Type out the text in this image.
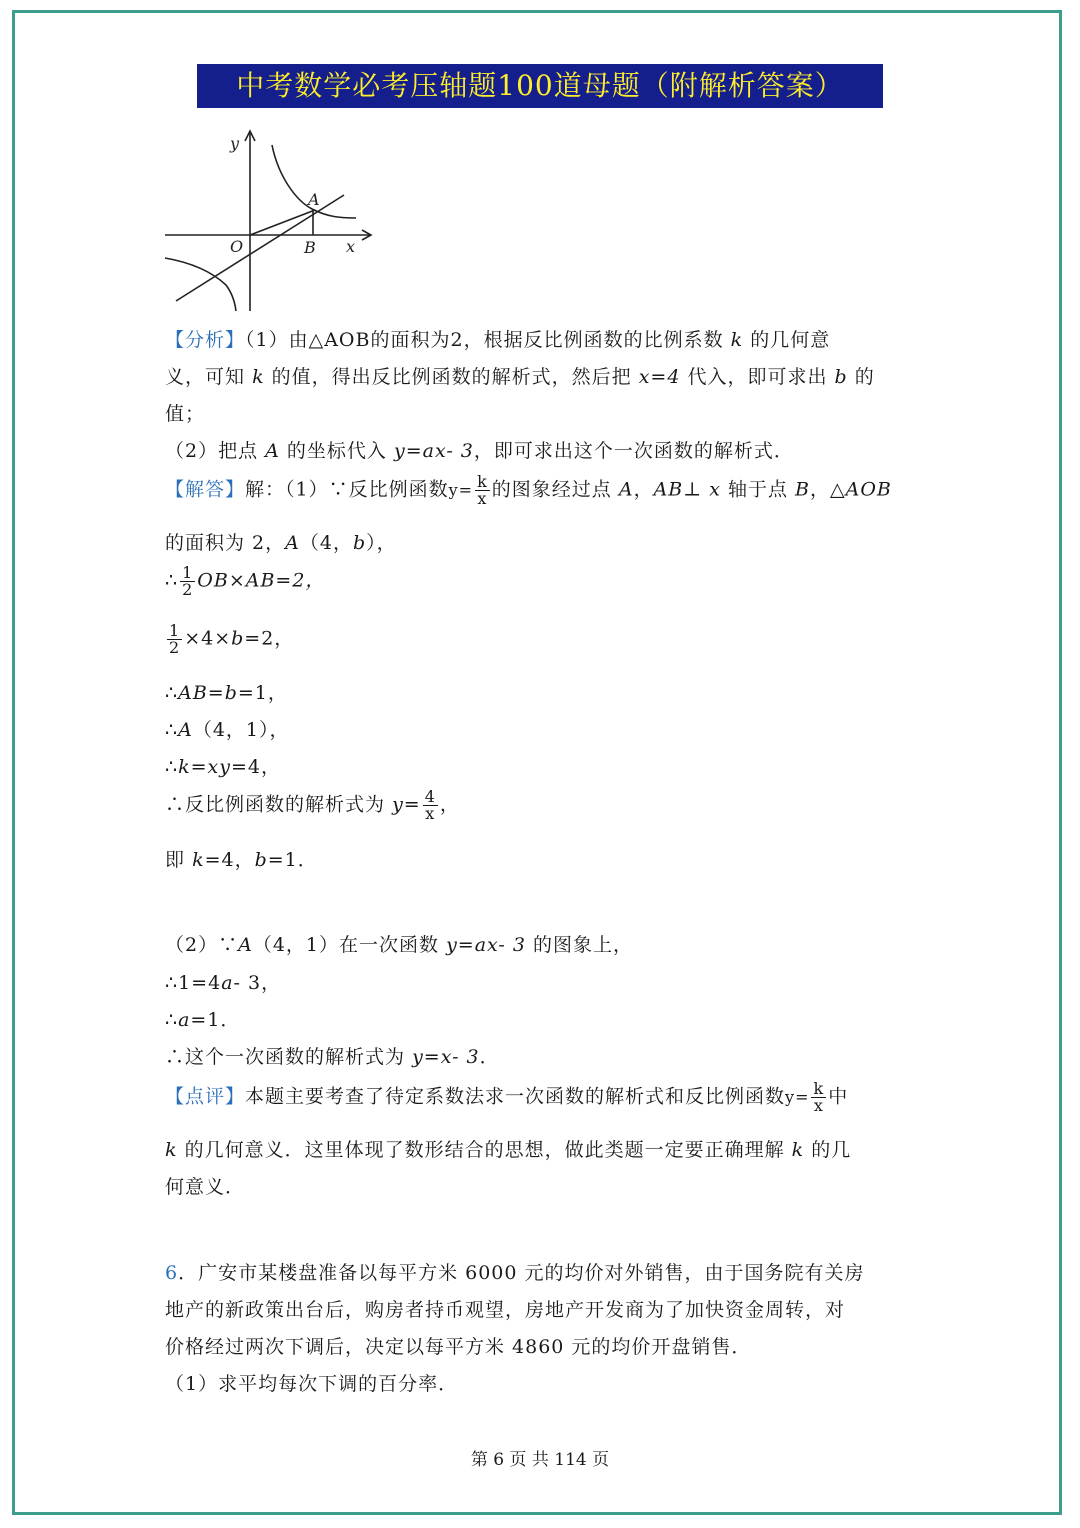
中考数学必考压轴题100道母题（附解析答案）
y
x
O
A
B
【分析】（1）由△AOB的面积为2，根据反比例函数的比例系数 k 的几何意
义，可知 k 的值，得出反比例函数的解析式，然后把 x=4 代入，即可求出 b 的
值；
（2）把点 A 的坐标代入 y=ax- 3，即可求出这个一次函数的解析式．
【解答】解：（1）∵反比例函数$y= \frac{k}{x}$ 的图象经过点 A，AB⊥ x 轴于点 B，△AOB
的面积为 2，A（4，b），
∴ $\frac{1}{2} OB\times AB=2$，
$\frac{1}{2} \times 4\times b=2$，
∴AB=b=1，
∴A（4，1），
∴k=xy=4，
∴反比例函数的解析式为 $y= \frac{4}{x}$ ，
即 k=4，b=1．
（2）∵A（4，1）在一次函数 y=ax- 3 的图象上，
∴1=4a- 3，
∴a=1．
∴这个一次函数的解析式为 y=x- 3．
【点评】本题主要考查了待定系数法求一次函数的解析式和反比例函数$y= \frac{k}{x}$ 中
k 的几何意义．这里体现了数形结合的思想，做此类题一定要正确理解 k 的几
何意义．
6．广安市某楼盘准备以每平方米 6000 元的均价对外销售，由于国务院有关房
地产的新政策出台后，购房者持币观望，房地产开发商为了加快资金周转，对
价格经过两次下调后，决定以每平方米 4860 元的均价开盘销售．
（1）求平均每次下调的百分率．
第 6 页 共 114 页
